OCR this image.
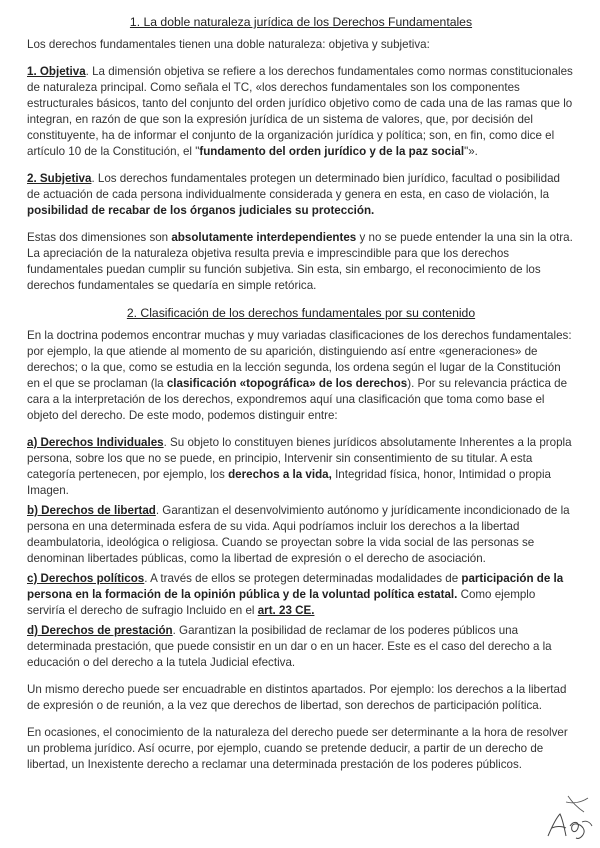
1. La doble naturaleza jurídica de los Derechos Fundamentales

Los derechos fundamentales tienen una doble naturaleza: objetiva y subjetiva:

1. Objetiva. La dimensión objetiva se refiere a los derechos fundamentales como normas constitucionales de naturaleza principal. Como señala el TC, «los derechos fundamentales son los componentes estructurales básicos, tanto del conjunto del orden jurídico objetivo como de cada una de las ramas que lo integran, en razón de que son la expresión jurídica de un sistema de valores, que, por decisión del constituyente, ha de informar el conjunto de la organización jurídica y política; son, en fin, como dice el artículo 10 de la Constitución, el "fundamento del orden jurídico y de la paz social"».

2. Subjetiva. Los derechos fundamentales protegen un determinado bien jurídico, facultad o posibilidad de actuación de cada persona individualmente considerada y genera en esta, en caso de violación, la posibilidad de recabar de los órganos judiciales su protección.

Estas dos dimensiones son absolutamente interdependientes y no se puede entender la una sin la otra. La apreciación de la naturaleza objetiva resulta previa e imprescindible para que los derechos fundamentales puedan cumplir su función subjetiva. Sin esta, sin embargo, el reconocimiento de los derechos fundamentales se quedaría en simple retórica.

2. Clasificación de los derechos fundamentales por su contenido

En la doctrina podemos encontrar muchas y muy variadas clasificaciones de los derechos fundamentales: por ejemplo, la que atiende al momento de su aparición, distinguiendo así entre «generaciones» de derechos; o la que, como se estudia en la lección segunda, los ordena según el lugar de la Constitución en el que se proclaman (la clasificación «topográfica» de los derechos). Por su relevancia práctica de cara a la interpretación de los derechos, expondremos aquí una clasificación que toma como base el objeto del derecho. De este modo, podemos distinguir entre:

a) Derechos Individuales. Su objeto lo constituyen bienes jurídicos absolutamente Inherentes a la propla persona, sobre los que no se puede, en principio, Intervenir sin consentimiento de su titular. A esta categoría pertenecen, por ejemplo, los derechos a la vida, Integridad física, honor, Intimidad o propia Imagen.

b) Derechos de libertad. Garantizan el desenvolvimiento autónomo y jurídicamente incondicionado de la persona en una determinada esfera de su vida. Aqui podríamos incluir los derechos a la libertad deambulatoria, ideológica o religiosa. Cuando se proyectan sobre la vida social de las personas se denominan libertades públicas, como la libertad de expresión o el derecho de asociación.

c) Derechos políticos. A través de ellos se protegen determinadas modalidades de participación de la persona en la formación de la opinión pública y de la voluntad política estatal. Como ejemplo serviría el derecho de sufragio Incluido en el art. 23 CE.

d) Derechos de prestación. Garantizan la posibilidad de reclamar de los poderes públicos una determinada prestación, que puede consistir en un dar o en un hacer. Este es el caso del derecho a la educación o del derecho a la tutela Judicial efectiva.

Un mismo derecho puede ser encuadrable en distintos apartados. Por ejemplo: los derechos a la libertad de expresión o de reunión, a la vez que derechos de libertad, son derechos de participación política.

En ocasiones, el conocimiento de la naturaleza del derecho puede ser determinante a la hora de resolver un problema jurídico. Así ocurre, por ejemplo, cuando se pretende deducir, a partir de un derecho de libertad, un Inexistente derecho a reclamar una determinada prestación de los poderes públicos.
